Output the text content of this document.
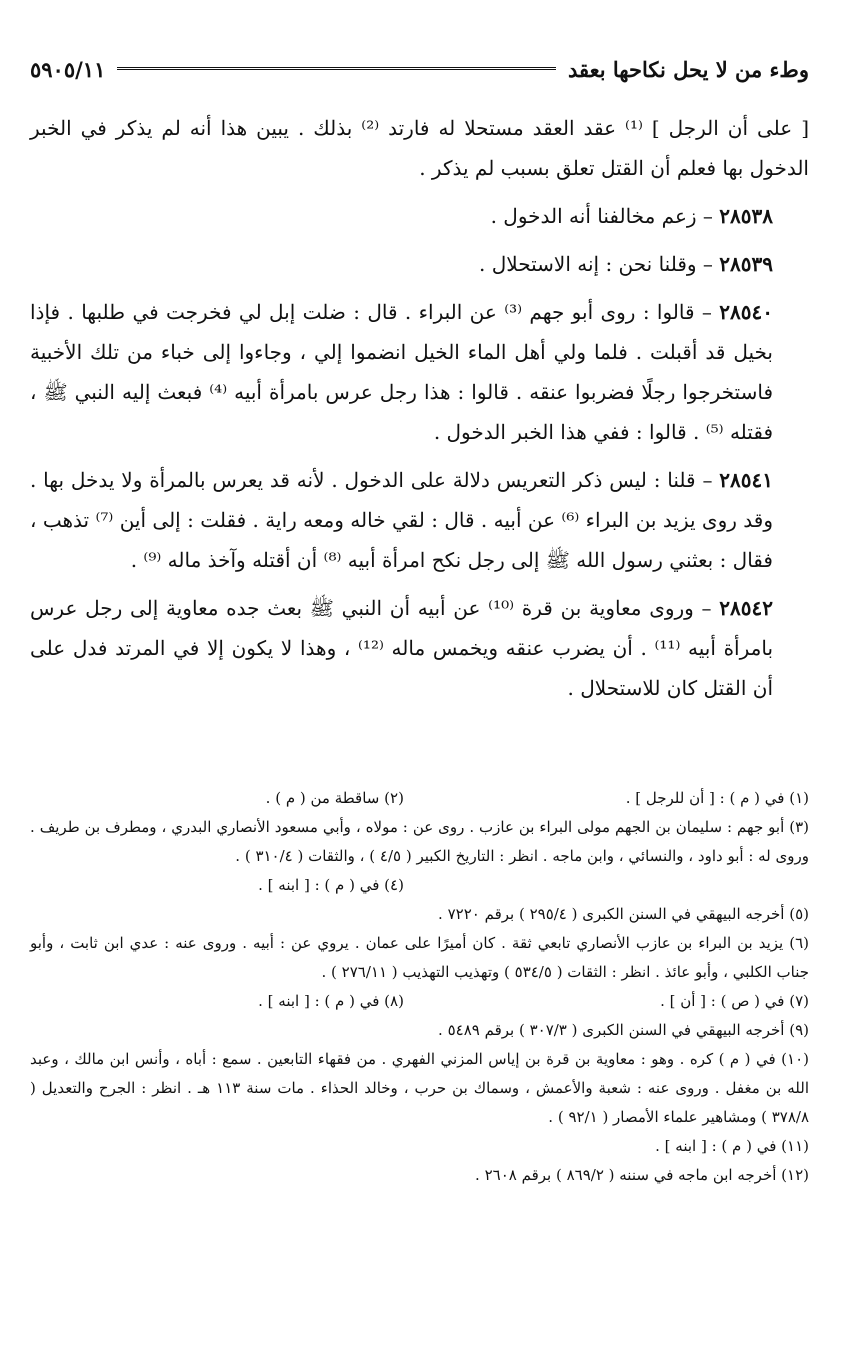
وطء من لا يحل نكاحها بعقد
٥٩٠٥/١١

[ على أن الرجل ] ⁽¹⁾ عقد العقد مستحلا له فارتد ⁽²⁾ بذلك . يبين هذا أنه لم يذكر في الخبر الدخول بها فعلم أن القتل تعلق بسبب لم يذكر .

٢٨٥٣٨ – زعم مخالفنا أنه الدخول .

٢٨٥٣٩ – وقلنا نحن : إنه الاستحلال .

٢٨٥٤٠ – قالوا : روى أبو جهم ⁽³⁾ عن البراء . قال : ضلت إبل لي فخرجت في طلبها . فإذا بخيل قد أقبلت . فلما ولي أهل الماء الخيل انضموا إلي ، وجاءوا إلى خباء من تلك الأخبية فاستخرجوا رجلًا فضربوا عنقه . قالوا : هذا رجل عرس بامرأة أبيه ⁽⁴⁾ فبعث إليه النبي ﷺ ، فقتله ⁽⁵⁾ . قالوا : ففي هذا الخبر الدخول .

٢٨٥٤١ – قلنا : ليس ذكر التعريس دلالة على الدخول . لأنه قد يعرس بالمرأة ولا يدخل بها . وقد روى يزيد بن البراء ⁽⁶⁾ عن أبيه . قال : لقي خاله ومعه راية . فقلت : إلى أين ⁽⁷⁾ تذهب ، فقال : بعثني رسول الله ﷺ إلى رجل نكح امرأة أبيه ⁽⁸⁾ أن أقتله وآخذ ماله ⁽⁹⁾ .

٢٨٥٤٢ – وروى معاوية بن قرة ⁽¹⁰⁾ عن أبيه أن النبي ﷺ بعث جده معاوية إلى رجل عرس بامرأة أبيه ⁽¹¹⁾ . أن يضرب عنقه ويخمس ماله ⁽¹²⁾ ، وهذا لا يكون إلا في المرتد فدل على أن القتل كان للاستحلال .

(١) في ( م ) : [ أن للرجل ] .
(٢) ساقطة من ( م ) .

(٣) أبو جهم : سليمان بن الجهم مولى البراء بن عازب . روى عن : مولاه ، وأبي مسعود الأنصاري البدري ، ومطرف بن طريف . وروى له : أبو داود ، والنسائي ، وابن ماجه . انظر : التاريخ الكبير ( ٤/٥ ) ، والثقات ( ٣١٠/٤ ) .

(٤) في ( م ) : [ ابنه ] .

(٥) أخرجه البيهقي في السنن الكبرى ( ٢٩٥/٤ ) برقم ٧٢٢٠ .

(٦) يزيد بن البراء بن عازب الأنصاري تابعي ثقة . كان أميرًا على عمان . يروي عن : أبيه . وروى عنه : عدي ابن ثابت ، وأبو جناب الكلبي ، وأبو عائذ . انظر : الثقات ( ٥٣٤/٥ ) وتهذيب التهذيب ( ٢٧٦/١١ ) .

(٧) في ( ص ) : [ أن ] .
(٨) في ( م ) : [ ابنه ] .

(٩) أخرجه البيهقي في السنن الكبرى ( ٣٠٧/٣ ) برقم ٥٤٨٩ .

(١٠) في ( م ) كره . وهو : معاوية بن قرة بن إياس المزني الفهري . من فقهاء التابعين . سمع : أباه ، وأنس ابن مالك ، وعبد الله بن مغفل . وروى عنه : شعبة والأعمش ، وسماك بن حرب ، وخالد الحذاء . مات سنة ١١٣ هـ . انظر : الجرح والتعديل ( ٣٧٨/٨ ) ومشاهير علماء الأمصار ( ٩٢/١ ) .

(١١) في ( م ) : [ ابنه ] .

(١٢) أخرجه ابن ماجه في سننه ( ٨٦٩/٢ ) برقم ٢٦٠٨ .
